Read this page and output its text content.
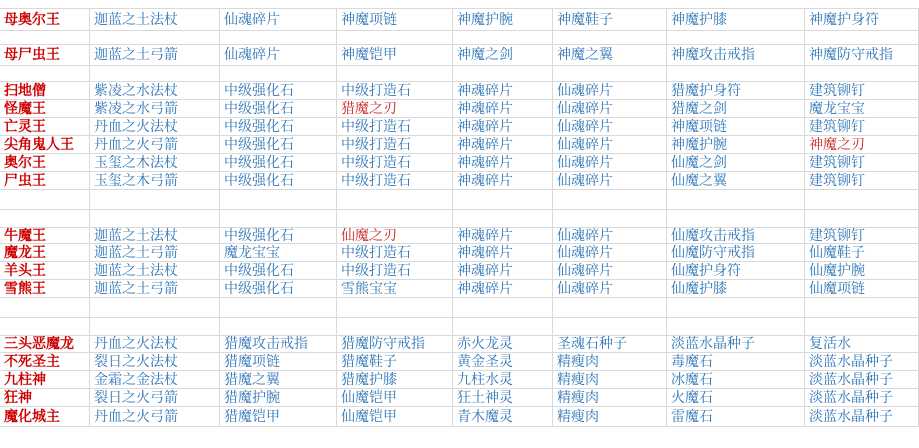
母奥尔王	迦蓝之土法杖	仙魂碎片	神魔项链	神魔护腕	神魔鞋子	神魔护膝	神魔护身符
母尸虫王	迦蓝之土弓箭	仙魂碎片	神魔铠甲	神魔之剑	神魔之翼	神魔攻击戒指	神魔防守戒指
扫地僧	紫凌之水法杖	中级强化石	中级打造石	神魂碎片	仙魂碎片	猎魔护身符	建筑铆钉
怪魔王	紫凌之水弓箭	中级强化石	猎魔之刃	神魂碎片	仙魂碎片	猎魔之剑	魔龙宝宝
亡灵王	丹血之火法杖	中级强化石	中级打造石	神魂碎片	仙魂碎片	神魔项链	建筑铆钉
尖角鬼人王	丹血之火弓箭	中级强化石	中级打造石	神魂碎片	仙魂碎片	神魔护腕	神魔之刃
奥尔王	玉玺之木法杖	中级强化石	中级打造石	神魂碎片	仙魂碎片	仙魔之剑	建筑铆钉
尸虫王	玉玺之木弓箭	中级强化石	中级打造石	神魂碎片	仙魂碎片	仙魔之翼	建筑铆钉
牛魔王	迦蓝之土法杖	中级强化石	仙魔之刃	神魂碎片	仙魂碎片	仙魔攻击戒指	建筑铆钉
魔龙王	迦蓝之土弓箭	魔龙宝宝	中级打造石	神魂碎片	仙魂碎片	仙魔防守戒指	仙魔鞋子
羊头王	迦蓝之土法杖	中级强化石	中级打造石	神魂碎片	仙魂碎片	仙魔护身符	仙魔护腕
雪熊王	迦蓝之土弓箭	中级强化石	雪熊宝宝	神魂碎片	仙魂碎片	仙魔护膝	仙魔项链
三头恶魔龙	丹血之火法杖	猎魔攻击戒指	猎魔防守戒指	赤火龙灵	圣魂石种子	淡蓝水晶种子	复活水
不死圣主	裂日之火法杖	猎魔项链	猎魔鞋子	黄金圣灵	精瘦肉	毒魔石	淡蓝水晶种子
九柱神	金霜之金法杖	猎魔之翼	猎魔护膝	九柱水灵	精瘦肉	冰魔石	淡蓝水晶种子
狂神	裂日之火弓箭	猎魔护腕	仙魔铠甲	狂土神灵	精瘦肉	火魔石	淡蓝水晶种子
魔化城主	丹血之火弓箭	猎魔铠甲	仙魔铠甲	青木魔灵	精瘦肉	雷魔石	淡蓝水晶种子
